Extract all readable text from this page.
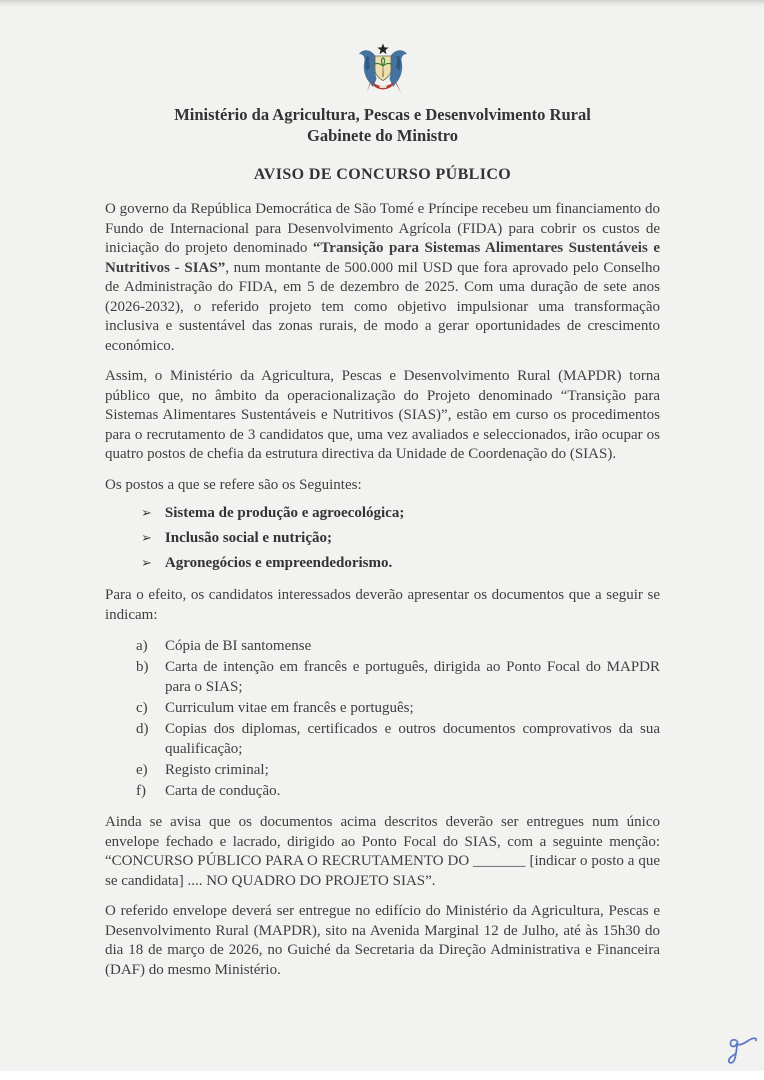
Ministério da Agricultura, Pescas e Desenvolvimento Rural
Gabinete do Ministro
AVISO DE CONCURSO PÚBLICO

O governo da República Democrática de São Tomé e Príncipe recebeu um financiamento do Fundo de Internacional para Desenvolvimento Agrícola (FIDA) para cobrir os custos de iniciação do projeto denominado “Transição para Sistemas Alimentares Sustentáveis e Nutritivos - SIAS”, num montante de 500.000 mil USD que fora aprovado pelo Conselho de Administração do FIDA, em 5 de dezembro de 2025. Com uma duração de sete anos (2026-2032), o referido projeto tem como objetivo impulsionar uma transformação inclusiva e sustentável das zonas rurais, de modo a gerar oportunidades de crescimento económico.

Assim, o Ministério da Agricultura, Pescas e Desenvolvimento Rural (MAPDR) torna público que, no âmbito da operacionalização do Projeto denominado “Transição para Sistemas Alimentares Sustentáveis e Nutritivos (SIAS)”, estão em curso os procedimentos para o recrutamento de 3 candidatos que, uma vez avaliados e seleccionados, irão ocupar os quatro postos de chefia da estrutura directiva da Unidade de Coordenação do (SIAS).

Os postos a que se refere são os Seguintes:

➢ Sistema de produção e agroecológica;
➢ Inclusão social e nutrição;
➢ Agronegócios e empreendedorismo.

Para o efeito, os candidatos interessados deverão apresentar os documentos que a seguir se indicam:

a)	Cópia de BI santomense
b)	Carta de intenção em francês e português, dirigida ao Ponto Focal do MAPDR para o SIAS;
c)	Curriculum vitae em francês e português;
d)	Copias dos diplomas, certificados e outros documentos comprovativos da sua qualificação;
e)	Registo criminal;
f)	Carta de condução.

Ainda se avisa que os documentos acima descritos deverão ser entregues num único envelope fechado e lacrado, dirigido ao Ponto Focal do SIAS, com a seguinte menção: “CONCURSO PÚBLICO PARA O RECRUTAMENTO DO _______ [indicar o posto a que se candidata] .... NO QUADRO DO PROJETO SIAS”.

O referido envelope deverá ser entregue no edifício do Ministério da Agricultura, Pescas e Desenvolvimento Rural (MAPDR), sito na Avenida Marginal 12 de Julho, até às 15h30 do dia 18 de março de 2026, no Guiché da Secretaria da Direção Administrativa e Financeira (DAF) do mesmo Ministério.
